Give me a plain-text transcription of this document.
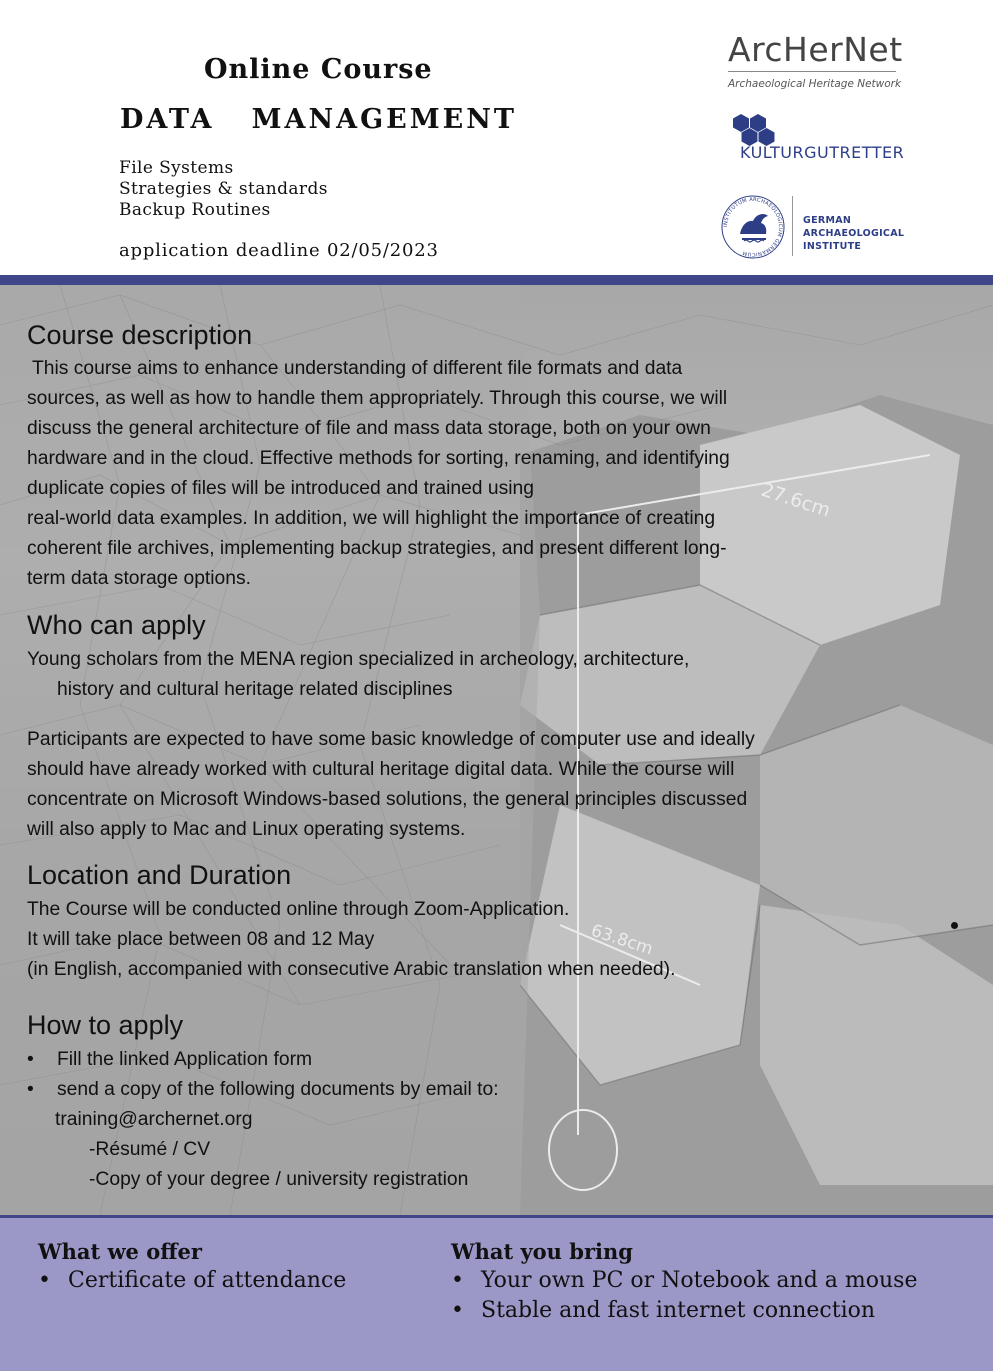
Online Course
DATA   MANAGEMENT
File Systems
Strategies & standards
Backup Routines
application deadline 02/05/2023
ArcHerNet
Archaeological Heritage Network
KULTURGUTRETTER
INSTITUTUM ARCHAEOLOGICUM GERMANICUM
GERMAN
ARCHAEOLOGICAL INSTITUTE
27.6cm
63.8cm
Course description
This course aims to enhance understanding of different file formats and data
sources, as well as how to handle them appropriately. Through this course, we will
discuss the general architecture of file and mass data storage, both on your own
hardware and in the cloud. Effective methods for sorting, renaming, and identifying
duplicate copies of files will be introduced and trained using
real-world data examples. In addition, we will highlight the importance of creating
coherent file archives, implementing backup strategies, and present different long-
term data storage options.
Who can apply
Young scholars from the MENA region specialized in archeology, architecture,
history and cultural heritage related disciplines
Participants are expected to have some basic knowledge of computer use and ideally
should have already worked with cultural heritage digital data. While the course will
concentrate on Microsoft Windows-based solutions, the general principles discussed
will also apply to Mac and Linux operating systems.
Location and Duration
The Course will be conducted online through Zoom-Application.
It will take place between 08 and 12 May
(in English, accompanied with consecutive Arabic translation when needed).
How to apply
• Fill the linked Application form
• send a copy of the following documents by email to:
training@archernet.org
-Résumé / CV
-Copy of your degree / university registration
What we offer
• Certificate of attendance
What you bring
• Your own PC or Notebook and a mouse
• Stable and fast internet connection
